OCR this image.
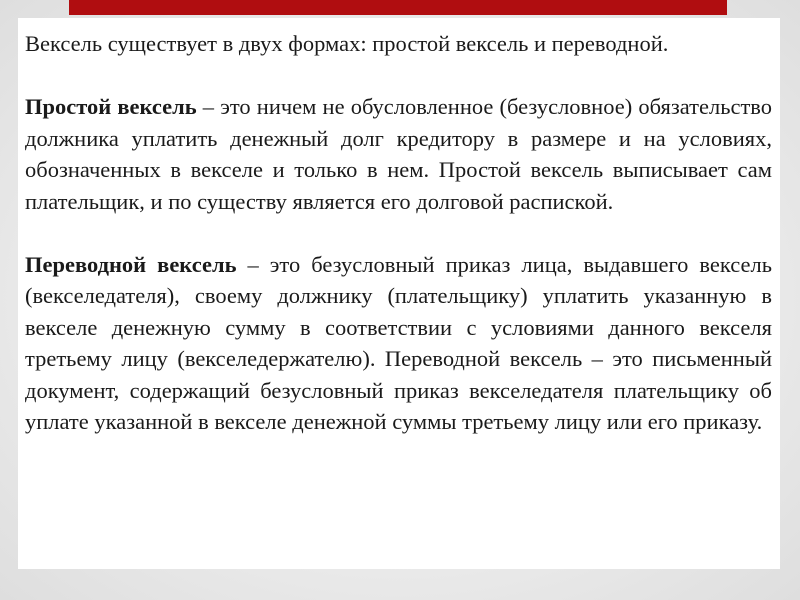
Вексель существует в двух формах: простой вексель и переводной.

Простой вексель – это ничем не обусловленное (безусловное) обязательство должника уплатить денежный долг кредитору в размере и на условиях, обозначенных в векселе и только в нем. Простой вексель выписывает сам плательщик, и по существу является его долговой распиской.

Переводной вексель – это безусловный приказ лица, выдавшего вексель (векселедателя), своему должнику (плательщику) уплатить указанную в векселе денежную сумму в соответствии с условиями данного векселя третьему лицу (векселедержателю). Переводной вексель – это письменный документ, содержащий безусловный приказ векселедателя плательщику об уплате указанной в векселе денежной суммы третьему лицу или его приказу.
